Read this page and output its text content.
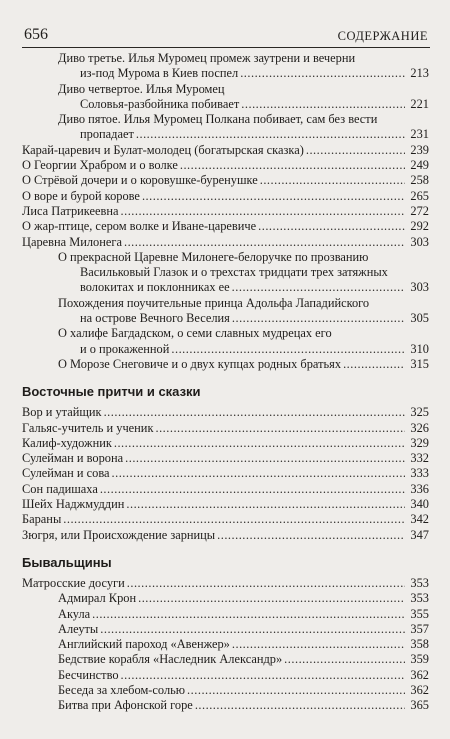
656	СОДЕРЖАНИЕ
Диво третье. Илья Муромец промеж заутрени и вечерни
из-под Мурома в Киев поспел .....	213
Диво четвертое. Илья Муромец
Соловья-разбойника побивает .....	221
Диво пятое. Илья Муромец Полкана побивает, сам без вести
пропадает .....	231
Карай-царевич и Булат-молодец (богатырская сказка) .....	239
О Георгии Храбром и о волке .....	249
О Стрёвой дочери и о коровушке-буренушке .....	258
О воре и бурой корове .....	265
Лиса Патрикеевна .....	272
О жар-птице, сером волке и Иване-царевиче .....	292
Царевна Милонега .....	303
О прекрасной Царевне Милонеге-белоручке по прозванию
Васильковый Глазок и о трехстах тридцати трех затяжных
волокитах и поклонниках ее .....	303
Похождения поучительные принца Адольфа Лападийского
на острове Вечного Веселия .....	305
О халифе Багдадском, о семи славных мудрецах его
и о прокаженной .....	310
О Морозе Снеговиче и о двух купцах родных братьях .....	315
Восточные притчи и сказки
Вор и утайщик .....	325
Гальяс-учитель и ученик .....	326
Калиф-художник .....	329
Сулейман и ворона .....	332
Сулейман и сова .....	333
Сон падишаха .....	336
Шейх Наджмуддин .....	340
Бараны .....	342
Зюгря, или Происхождение зарницы .....	347
Бывальщины
Матросские досуги .....	353
Адмирал Крон .....	353
Акула .....	355
Алеуты .....	357
Английский пароход «Авенжер» .....	358
Бедствие корабля «Наследник Александр» .....	359
Бесчинство .....	362
Беседа за хлебом-солью .....	362
Битва при Афонской горе .....	365
